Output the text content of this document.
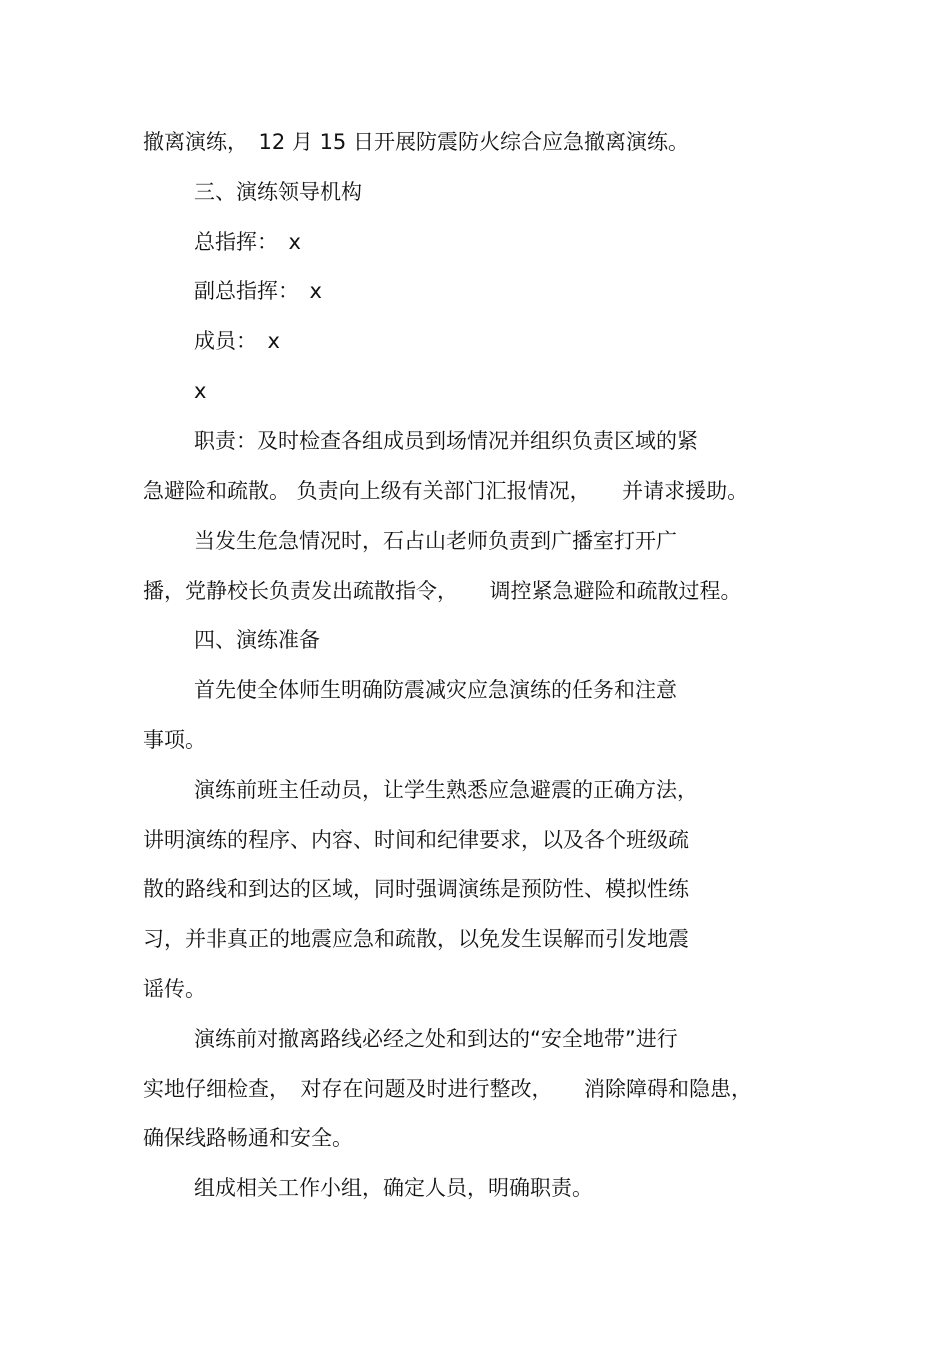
撤离演练，　12 月 15 日开展防震防火综合应急撤离演练。
三、演练领导机构
总指挥：　x
副总指挥：　x
成员：　x
x
职责：及时检查各组成员到场情况并组织负责区域的紧
急避险和疏散。 负责向上级有关部门汇报情况，　　并请求援助。
当发生危急情况时，石占山老师负责到广播室打开广
播，党静校长负责发出疏散指令，　　调控紧急避险和疏散过程。
四、演练准备
首先使全体师生明确防震减灾应急演练的任务和注意
事项。
演练前班主任动员，让学生熟悉应急避震的正确方法，
讲明演练的程序、内容、时间和纪律要求，以及各个班级疏
散的路线和到达的区域，同时强调演练是预防性、模拟性练
习，并非真正的地震应急和疏散，以免发生误解而引发地震
谣传。
演练前对撤离路线必经之处和到达的“安全地带”进行
实地仔细检查，　对存在问题及时进行整改，　　消除障碍和隐患，
确保线路畅通和安全。
组成相关工作小组，确定人员，明确职责。
